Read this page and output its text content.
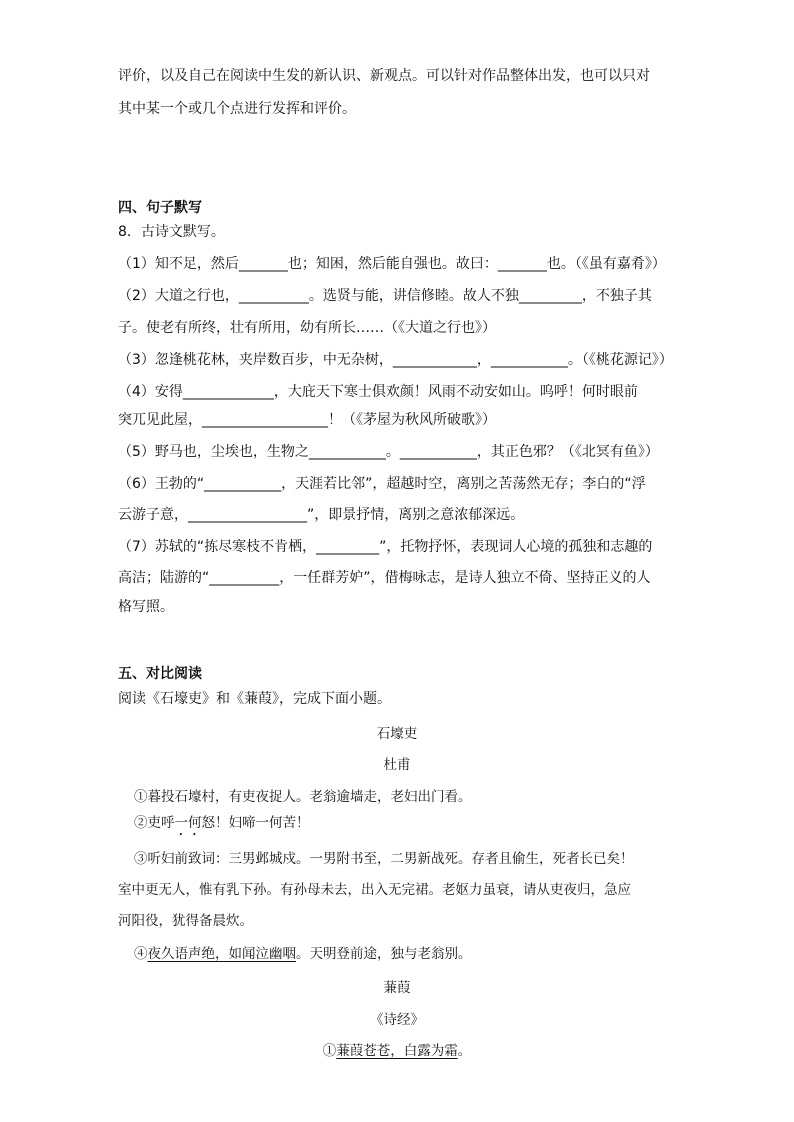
评价，以及自己在阅读中生发的新认识、新观点。可以针对作品整体出发，也可以只对
其中某一个或几个点进行发挥和评价。
四、句子默写
8．古诗文默写。
（1）知不足，然后_______也；知困，然后能自强也。故曰：_______也。（《虽有嘉肴》）
（2）大道之行也，__________。选贤与能，讲信修睦。故人不独_________，不独子其
子。使老有所终，壮有所用，幼有所长……（《大道之行也》）
（3）忽逢桃花林，夹岸数百步，中无杂树，____________，___________。（《桃花源记》）
（4）安得_____________，大庇天下寒士俱欢颜！风雨不动安如山。呜呼！何时眼前
突兀见此屋，__________________！（《茅屋为秋风所破歌》）
（5）野马也，尘埃也，生物之___________。___________，其正色邪？（《北冥有鱼》）
（6）王勃的“___________，天涯若比邻”，超越时空，离别之苦荡然无存；李白的“浮
云游子意，_________________”，即景抒情，离别之意浓郁深远。
（7）苏轼的“拣尽寒枝不肯栖，_________”，托物抒怀，表现词人心境的孤独和志趣的
高洁；陆游的“__________，一任群芳妒”，借梅咏志，是诗人独立不倚、坚持正义的人
格写照。
五、对比阅读
阅读《石壕吏》和《蒹葭》，完成下面小题。
石壕吏
杜甫
①暮投石壕村，有吏夜捉人。老翁逾墙走，老妇出门看。
②吏呼一何怒！妇啼一何苦！
③听妇前致词：三男邺城戍。一男附书至，二男新战死。存者且偷生，死者长已矣！
室中更无人，惟有乳下孙。有孙母未去，出入无完裙。老妪力虽衰，请从吏夜归，急应
河阳役，犹得备晨炊。
④夜久语声绝，如闻泣幽咽。天明登前途，独与老翁别。
蒹葭
《诗经》
①蒹葭苍苍，白露为霜。
